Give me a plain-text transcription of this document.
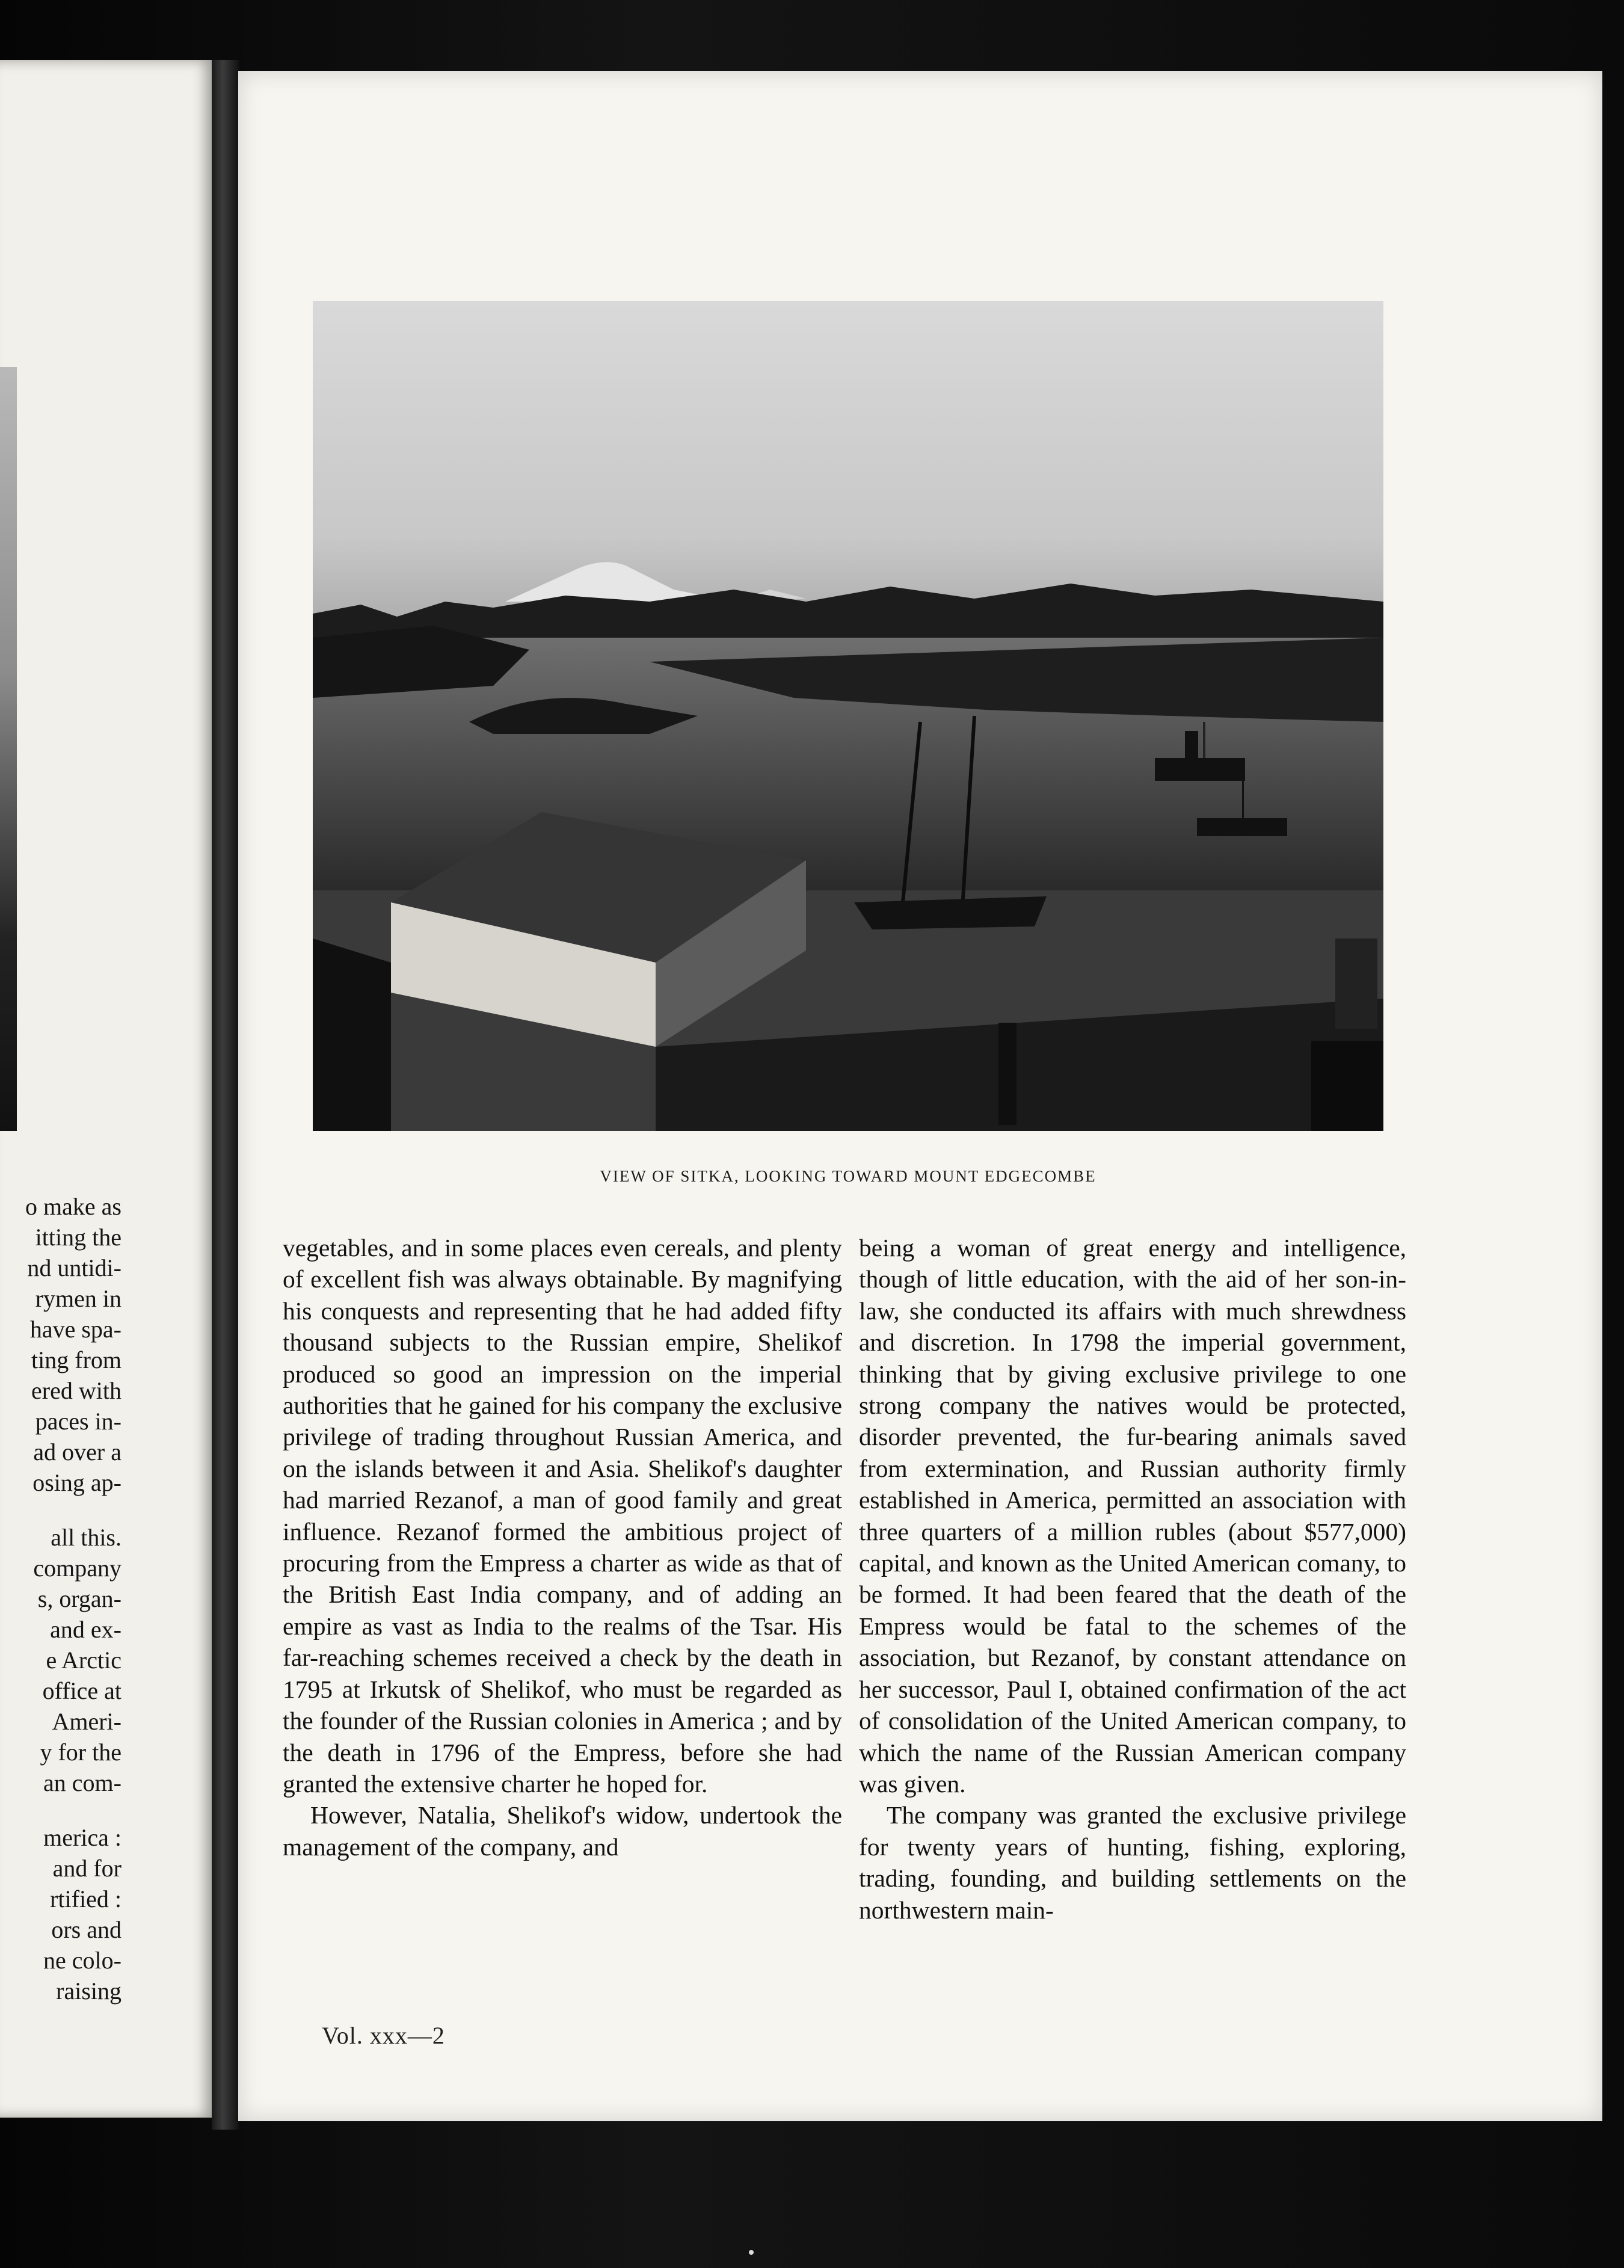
o make as
itting the
nd untidi-
rymen in
have spa-
ting from
ered with
paces in-
ad over a
osing ap-
all this.
company
s, organ-
and ex-
e Arctic
office at
Ameri-
y for the
an com-
merica :
and for
rtified :
ors and
ne colo-
raising
VIEW OF SITKA, LOOKING TOWARD MOUNT EDGECOMBE

vegetables, and in some places even cereals, and plenty of excellent fish was always obtainable. By magnifying his conquests and representing that he had added fifty thousand subjects to the Russian empire, Shelikof produced so good an impression on the imperial authorities that he gained for his company the exclusive privilege of trading throughout Russian America, and on the islands between it and Asia. Shelikof's daughter had married Rezanof, a man of good family and great influence. Rezanof formed the ambitious project of procuring from the Empress a charter as wide as that of the British East India company, and of adding an empire as vast as India to the realms of the Tsar. His far-reaching schemes received a check by the death in 1795 at Irkutsk of Shelikof, who must be regarded as the founder of the Russian colonies in America ; and by the death in 1796 of the Empress, before she had granted the extensive charter he hoped for.

However, Natalia, Shelikof's widow, undertook the management of the company, and

being a woman of great energy and intelligence, though of little education, with the aid of her son-in-law, she conducted its affairs with much shrewdness and discretion. In 1798 the imperial government, thinking that by giving exclusive privilege to one strong company the natives would be protected, disorder prevented, the fur-bearing animals saved from extermination, and Russian authority firmly established in America, permitted an association with three quarters of a million rubles (about $577,000) capital, and known as the United American comany, to be formed. It had been feared that the death of the Empress would be fatal to the schemes of the association, but Rezanof, by constant attendance on her successor, Paul I, obtained confirmation of the act of consolidation of the United American company, to which the name of the Russian American company was given.

The company was granted the exclusive privilege for twenty years of hunting, fishing, exploring, trading, founding, and building settlements on the northwestern main-

Vol. xxx—2
